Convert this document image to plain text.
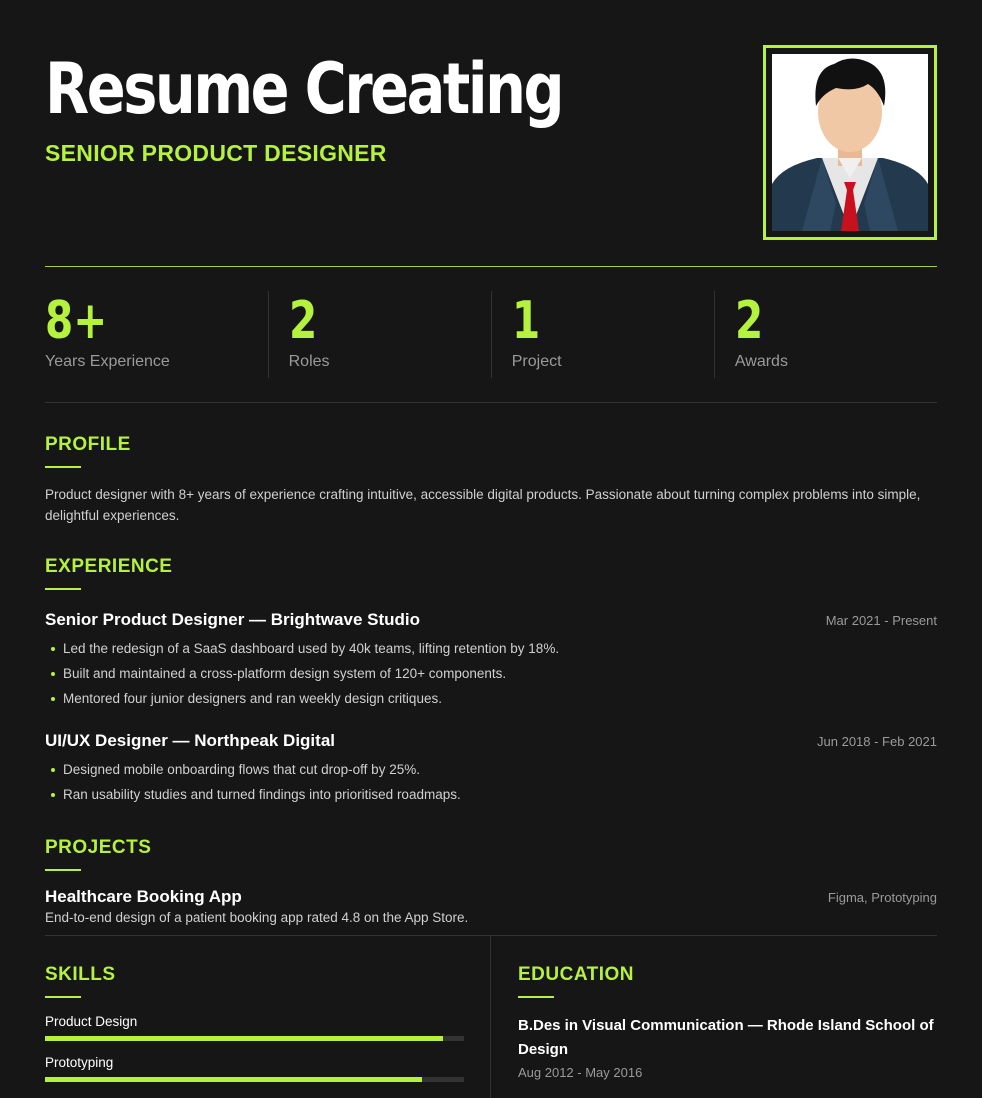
Resume Creating
SENIOR PRODUCT DESIGNER
8+
Years Experience
2
Roles
1
Project
2
Awards
PROFILE

Product designer with 8+ years of experience crafting intuitive, accessible digital products. Passionate about turning complex problems into simple, delightful experiences.

EXPERIENCE
Senior Product Designer — Brightwave Studio	Mar 2021 - Present
Led the redesign of a SaaS dashboard used by 40k teams, lifting retention by 18%.
Built and maintained a cross-platform design system of 120+ components.
Mentored four junior designers and ran weekly design critiques.
UI/UX Designer — Northpeak Digital	Jun 2018 - Feb 2021
Designed mobile onboarding flows that cut drop-off by 25%.
Ran usability studies and turned findings into prioritised roadmaps.
PROJECTS
Healthcare Booking App	Figma, Prototyping
End-to-end design of a patient booking app rated 4.8 on the App Store.
SKILLS
Product Design
Prototyping
EDUCATION
B.Des in Visual Communication — Rhode Island School of Design
Aug 2012 - May 2016
